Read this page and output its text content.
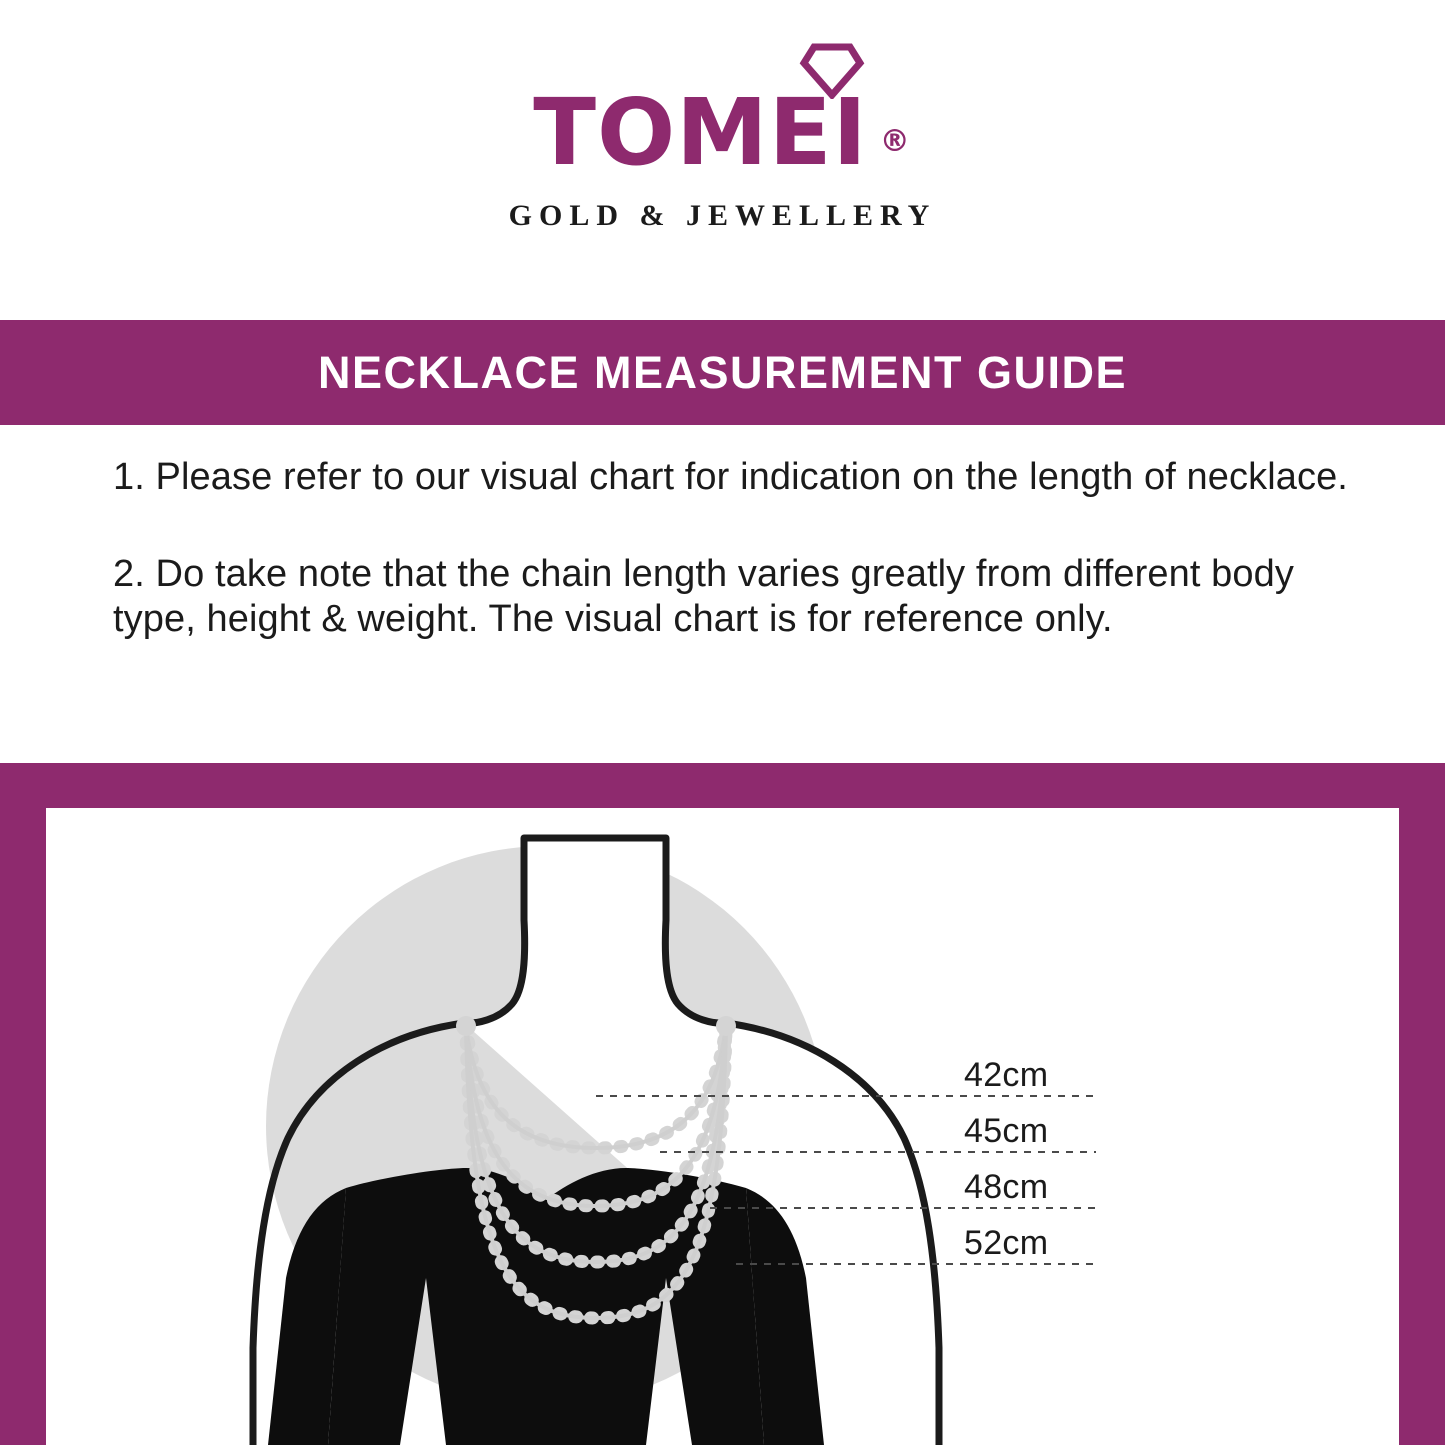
TOMEI ®
GOLD & JEWELLERY
NECKLACE MEASUREMENT GUIDE

1. Please refer to our visual chart for indication on the length of necklace.

2. Do take note that the chain length varies greatly from different body type, height & weight. The visual chart is for reference only.

42cm
45cm
48cm
52cm
